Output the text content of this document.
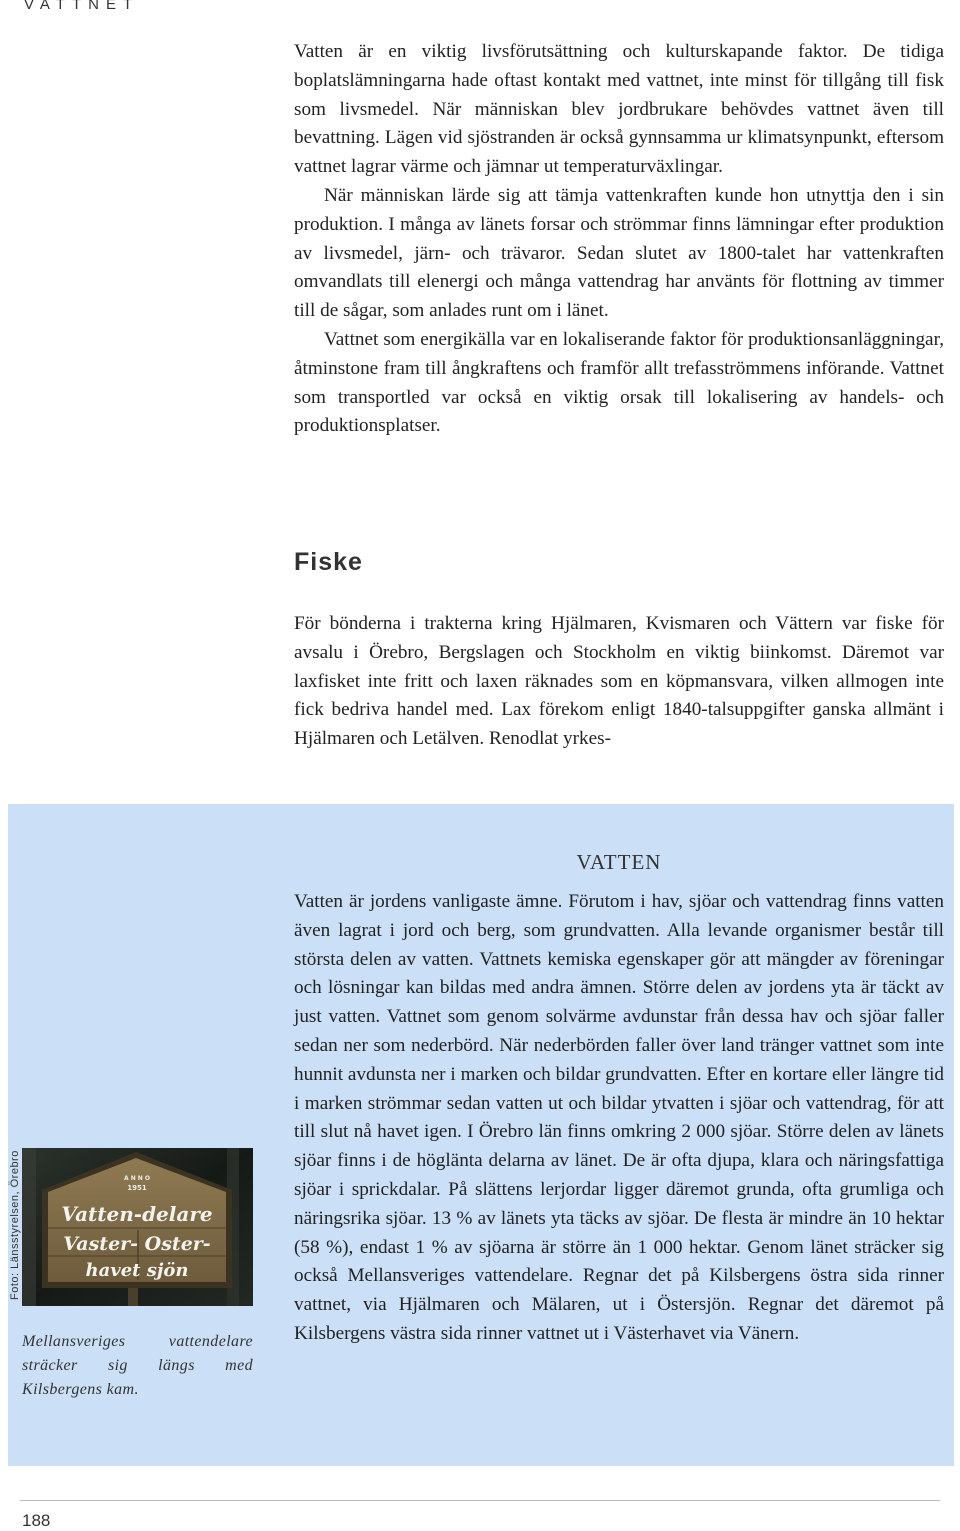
VATTNET

Vatten är en viktig livsförutsättning och kulturskapande faktor. De tidiga boplatslämningarna hade oftast kontakt med vattnet, inte minst för tillgång till fisk som livsmedel. När människan blev jordbrukare behövdes vattnet även till bevattning. Lägen vid sjöstranden är också gynnsamma ur klimatsynpunkt, eftersom vattnet lagrar värme och jämnar ut temperaturväxlingar.

När människan lärde sig att tämja vattenkraften kunde hon utnyttja den i sin produktion. I många av länets forsar och strömmar finns lämningar efter produktion av livsmedel, järn- och trävaror. Sedan slutet av 1800-talet har vattenkraften omvandlats till elenergi och många vattendrag har använts för flottning av timmer till de sågar, som anlades runt om i länet.

Vattnet som energikälla var en lokaliserande faktor för produktionsanläggningar, åtminstone fram till ångkraftens och framför allt trefasströmmens införande. Vattnet som transportled var också en viktig orsak till lokalisering av handels- och produktionsplatser.

Fiske

För bönderna i trakterna kring Hjälmaren, Kvismaren och Vättern var fiske för avsalu i Örebro, Bergslagen och Stockholm en viktig biinkomst. Däremot var laxfisket inte fritt och laxen räknades som en köpmansvara, vilken allmogen inte fick bedriva handel med. Lax förekom enligt 1840-talsuppgifter ganska allmänt i Hjälmaren och Letälven. Renodlat yrkes-

VATTEN

Vatten är jordens vanligaste ämne. Förutom i hav, sjöar och vattendrag finns vatten även lagrat i jord och berg, som grundvatten. Alla levande organismer består till största delen av vatten. Vattnets kemiska egenskaper gör att mängder av föreningar och lösningar kan bildas med andra ämnen. Större delen av jordens yta är täckt av just vatten. Vattnet som genom solvärme avdunstar från dessa hav och sjöar faller sedan ner som nederbörd. När nederbörden faller över land tränger vattnet som inte hunnit avdunsta ner i marken och bildar grundvatten. Efter en kortare eller längre tid i marken strömmar sedan vatten ut och bildar ytvatten i sjöar och vattendrag, för att till slut nå havet igen. I Örebro län finns omkring 2 000 sjöar. Större delen av länets sjöar finns i de höglänta delarna av länet. De är ofta djupa, klara och näringsfattiga sjöar i sprickdalar. På slättens lerjordar ligger däremot grunda, ofta grumliga och näringsrika sjöar. 13 % av länets yta täcks av sjöar. De flesta är mindre än 10 hektar (58 %), endast 1 % av sjöarna är större än 1 000 hektar. Genom länet sträcker sig också Mellansveriges vattendelare. Regnar det på Kilsbergens östra sida rinner vattnet, via Hjälmaren och Mälaren, ut i Östersjön. Regnar det däremot på Kilsbergens västra sida rinner vattnet ut i Västerhavet via Vänern.

Foto: Länsstyrelsen, Örebro	A N N O
1951
Vatten-delare
Vaster- Oster-
havet sjön

Mellansveriges vattendelare sträcker sig längs med Kilsbergens kam.

188
